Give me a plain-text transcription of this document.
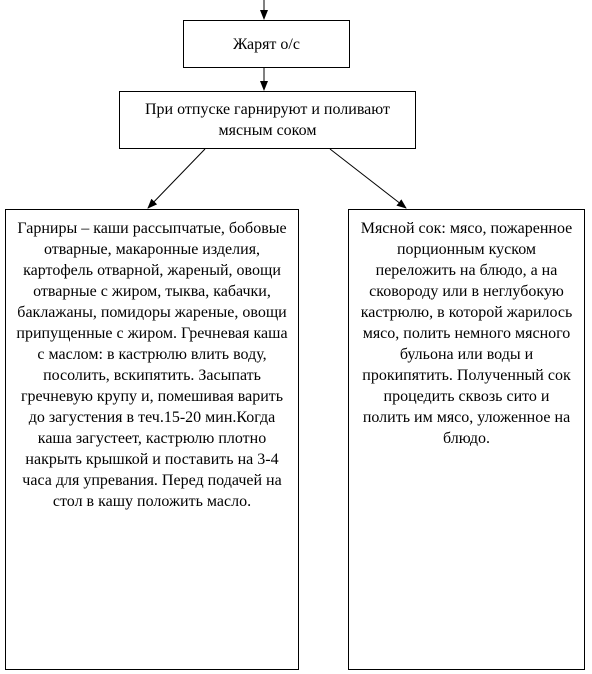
Жарят о/с
При отпуске гарнируют и поливают мясным соком
Гарниры – каши рассыпчатые, бобовые отварные, макаронные изделия, картофель отварной, жареный, овощи отварные с жиром, тыква, кабачки, баклажаны, помидоры жареные, овощи припущенные с жиром. Гречневая каша с маслом: в кастрюлю влить воду, посолить, вскипятить. Засыпать гречневую крупу и, помешивая варить до загустения в теч.15-20 мин.Когда каша загустеет, кастрюлю плотно накрыть крышкой и поставить на 3-4 часа для упревания. Перед подачей на стол в кашу положить масло.
Мясной сок: мясо, пожаренное порционным куском переложить на блюдо, а на сковороду или в неглубокую кастрюлю, в которой жарилось мясо, полить немного мясного бульона или воды и прокипятить. Полученный сок процедить сквозь сито и полить им мясо, уложенное на блюдо.
